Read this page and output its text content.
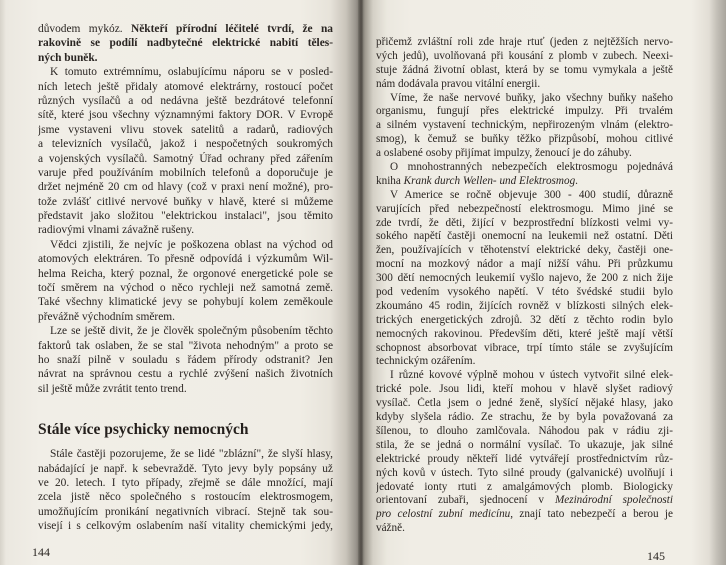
důvodem mykóz. Někteří přírodní léčitelé tvrdí, že na
rakovině se podílí nadbytečné elektrické nabití těles-
ných buněk.
K tomuto extrémnímu, oslabujícímu náporu se v posled-
ních letech ještě přidaly atomové elektrárny, rostoucí počet
různých vysílačů a od nedávna ještě bezdrátové telefonní
sítě, které jsou všechny významnými faktory DOR. V Evropě
jsme vystaveni vlivu stovek satelitů a radarů, radiových
a televizních vysílačů, jakož i nespočetných soukromých
a vojenských vysílačů. Samotný Úřad ochrany před zářením
varuje před používáním mobilních telefonů a doporučuje je
držet nejméně 20 cm od hlavy (což v praxi není možné), pro-
tože zvlášť citlivé nervové buňky v hlavě, které si můžeme
představit jako složitou "elektrickou instalaci", jsou těmito
radiovými vlnami závažně rušeny.
Vědci zjistili, že nejvíc je poškozena oblast na východ od
atomových elektráren. To přesně odpovídá i výzkumům Wil-
helma Reicha, který poznal, že orgonové energetické pole se
točí směrem na východ o něco rychleji než samotná země.
Také všechny klimatické jevy se pohybují kolem zeměkoule
převážně východním směrem.
Lze se ještě divit, že je člověk společným působením těchto
faktorů tak oslaben, že se stal "života nehodným" a proto se
ho snaží pilně v souladu s řádem přírody odstranit? Jen
návrat na správnou cestu a rychlé zvýšení našich životních
sil ještě může zvrátit tento trend.
Stále více psychicky nemocných
Stále častěji pozorujeme, že se lidé "zblázní", že slyší hlasy,
nabádající je např. k sebevraždě. Tyto jevy byly popsány už
ve 20. letech. I tyto případy, zřejmě se dále množící, mají
zcela jistě něco společného s rostoucím elektrosmogem,
umožňujícím pronikání negativních vibrací. Stejně tak sou-
visejí i s celkovým oslabením naší vitality chemickými jedy,
144
přičemž zvláštní roli zde hraje rtuť (jeden z nejtěžších nervo-
vých jedů), uvolňovaná při kousání z plomb v zubech. Neexi-
stuje žádná životní oblast, která by se tomu vymykala a ještě
nám dodávala pravou vitální energii.
Víme, že naše nervové buňky, jako všechny buňky našeho
organismu, fungují přes elektrické impulzy. Při trvalém
a silném vystavení technickým, nepřirozeným vlnám (elektro-
smog), k čemuž se buňky těžko přizpůsobí, mohou citlivé
a oslabené osoby přijímat impulzy, ženoucí je do záhuby.
O mnohostranných nebezpečích elektrosmogu pojednává
kniha Krank durch Wellen- und Elektrosmog.
V Americe se ročně objevuje 300 - 400 studií, důrazně
varujících před nebezpečností elektrosmogu. Mimo jiné se
zde tvrdí, že děti, žijící v bezprostřední blízkosti velmi vy-
sokého napětí častěji onemocní na leukemii než ostatní. Děti
žen, používajících v těhotenství elektrické deky, častěji one-
mocní na mozkový nádor a mají nižší váhu. Při průzkumu
300 dětí nemocných leukemií vyšlo najevo, že 200 z nich žije
pod vedením vysokého napětí. V této švédské studii bylo
zkoumáno 45 rodin, žijících rovněž v blízkosti silných elek-
trických energetických zdrojů. 32 dětí z těchto rodin bylo
nemocných rakovinou. Především děti, které ještě mají větší
schopnost absorbovat vibrace, trpí tímto stále se zvyšujícím
technickým ozářením.
I různé kovové výplně mohou v ústech vytvořit silné elek-
trické pole. Jsou lidi, kteří mohou v hlavě slyšet radiový
vysílač. Četla jsem o jedné ženě, slyšící nějaké hlasy, jako
kdyby slyšela rádio. Ze strachu, že by byla považovaná za
šílenou, to dlouho zamlčovala. Náhodou pak v rádiu zji-
stila, že se jedná o normální vysílač. To ukazuje, jak silné
elektrické proudy někteří lidé vytvářejí prostřednictvím růz-
ných kovů v ústech. Tyto silné proudy (galvanické) uvolňují i
jedovaté ionty rtuti z amalgámových plomb. Biologicky
orientovaní zubaři, sjednocení v Mezinárodní společnosti
pro celostní zubní medicínu, znají tato nebezpečí a berou je
vážně.
145
